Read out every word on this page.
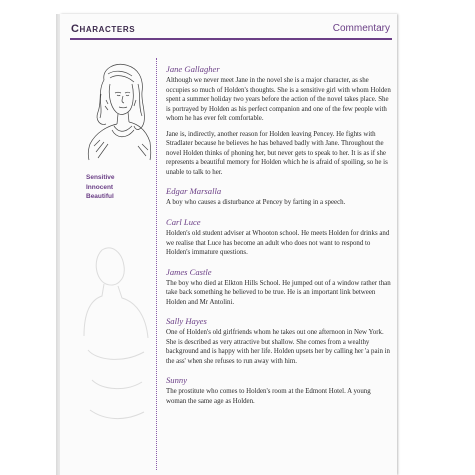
Characters	Commentary
Sensitive
Innocent
Beautiful
Jane Gallagher

Although we never meet Jane in the novel she is a major character, as she occupies so much of Holden's thoughts. She is a sensitive girl with whom Holden spent a summer holiday two years before the action of the novel takes place. She is portrayed by Holden as his perfect companion and one of the few people with whom he has ever felt comfortable.

Jane is, indirectly, another reason for Holden leaving Pencey. He fights with Stradlater because he believes he has behaved badly with Jane. Throughout the novel Holden thinks of phoning her, but never gets to speak to her. It is as if she represents a beautiful memory for Holden which he is afraid of spoiling, so he is unable to talk to her.

Edgar Marsalla

A boy who causes a disturbance at Pencey by farting in a speech.

Carl Luce

Holden's old student adviser at Whooton school. He meets Holden for drinks and we realise that Luce has become an adult who does not want to respond to Holden's immature questions.

James Castle

The boy who died at Elkton Hills School. He jumped out of a window rather than take back something he believed to be true. He is an important link between Holden and Mr Antolini.

Sally Hayes

One of Holden's old girlfriends whom he takes out one afternoon in New York. She is described as very attractive but shallow. She comes from a wealthy background and is happy with her life. Holden upsets her by calling her 'a pain in the ass' when she refuses to run away with him.

Sunny

The prostitute who comes to Holden's room at the Edmont Hotel. A young woman the same age as Holden.
